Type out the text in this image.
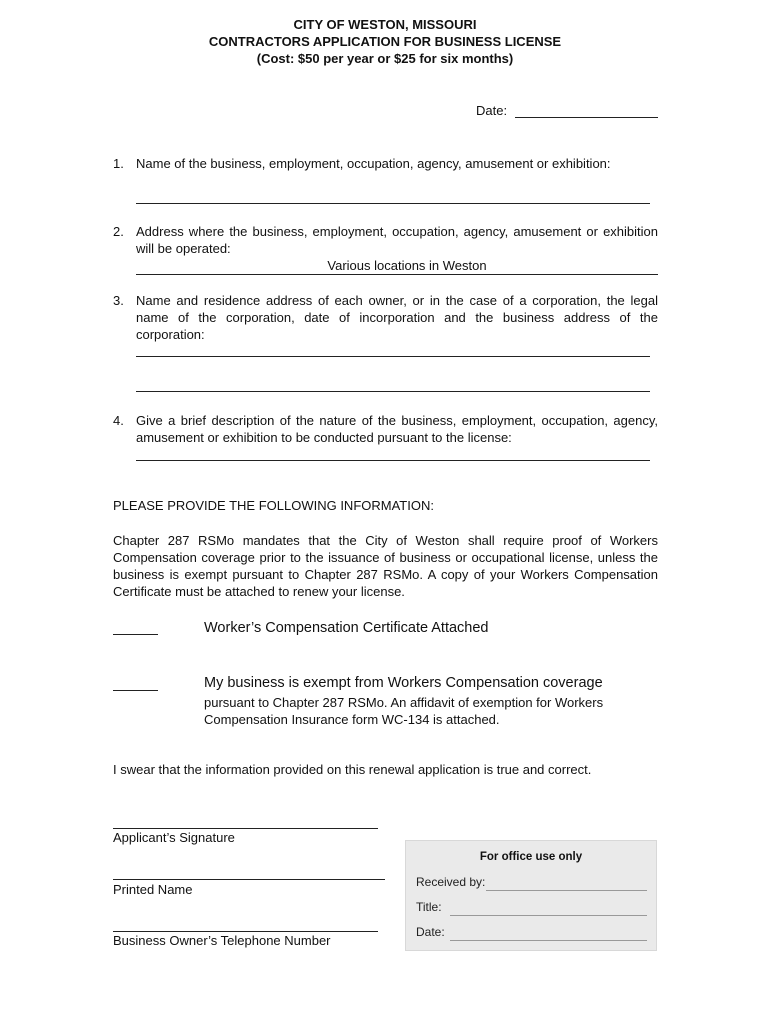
CITY OF WESTON, MISSOURI
CONTRACTORS APPLICATION FOR BUSINESS LICENSE
(Cost: $50 per year or $25 for six months)
Date:
1. Name of the business, employment, occupation, agency, amusement or exhibition:
2. Address where the business, employment, occupation, agency, amusement or exhibition will be operated:
Various locations in Weston
3. Name and residence address of each owner, or in the case of a corporation, the legal name of the corporation, date of incorporation and the business address of the corporation:
4. Give a brief description of the nature of the business, employment, occupation, agency, amusement or exhibition to be conducted pursuant to the license:
PLEASE PROVIDE THE FOLLOWING INFORMATION:
Chapter 287 RSMo mandates that the City of Weston shall require proof of Workers Compensation coverage prior to the issuance of business or occupational license, unless the business is exempt pursuant to Chapter 287 RSMo. A copy of your Workers Compensation Certificate must be attached to renew your license.
Worker’s Compensation Certificate Attached
My business is exempt from Workers Compensation coverage
pursuant to Chapter 287 RSMo. An affidavit of exemption for Workers
Compensation Insurance form WC-134 is attached.
I swear that the information provided on this renewal application is true and correct.
Applicant’s Signature
Printed Name
Business Owner’s Telephone Number
For office use only
Received by:
Title:
Date:
